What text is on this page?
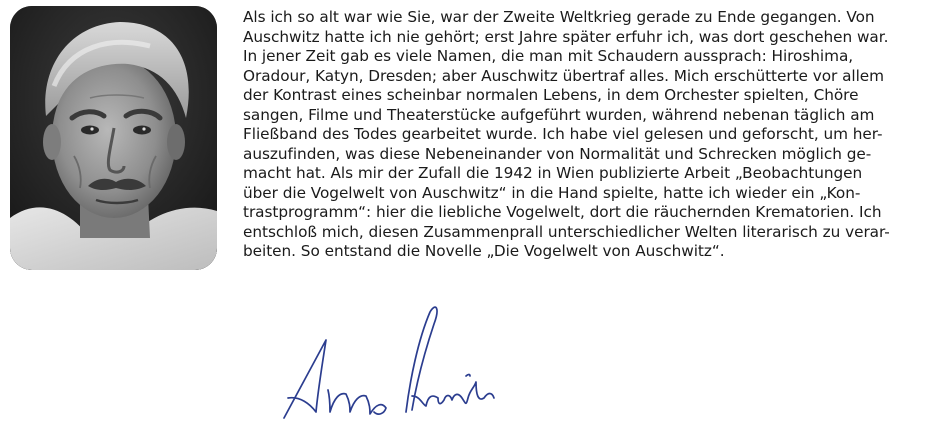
Als ich so alt war wie Sie, war der Zweite Weltkrieg gerade zu Ende gegangen. Von
Auschwitz hatte ich nie gehört; erst Jahre später erfuhr ich, was dort geschehen war.
In jener Zeit gab es viele Namen, die man mit Schaudern aussprach: Hiroshima,
Oradour, Katyn, Dresden; aber Auschwitz übertraf alles. Mich erschütterte vor allem
der Kontrast eines scheinbar normalen Lebens, in dem Orchester spielten, Chöre
sangen, Filme und Theaterstücke aufgeführt wurden, während nebenan täglich am
Fließband des Todes gearbeitet wurde. Ich habe viel gelesen und geforscht, um her-
auszufinden, was diese Nebeneinander von Normalität und Schrecken möglich ge-
macht hat. Als mir der Zufall die 1942 in Wien publizierte Arbeit „Beobachtungen
über die Vogelwelt von Auschwitz“ in die Hand spielte, hatte ich wieder ein „Kon-
trastprogramm“: hier die liebliche Vogelwelt, dort die räuchernden Krematorien. Ich
entschloß mich, diesen Zusammenprall unterschiedlicher Welten literarisch zu verar-
beiten. So entstand die Novelle „Die Vogelwelt von Auschwitz“.
